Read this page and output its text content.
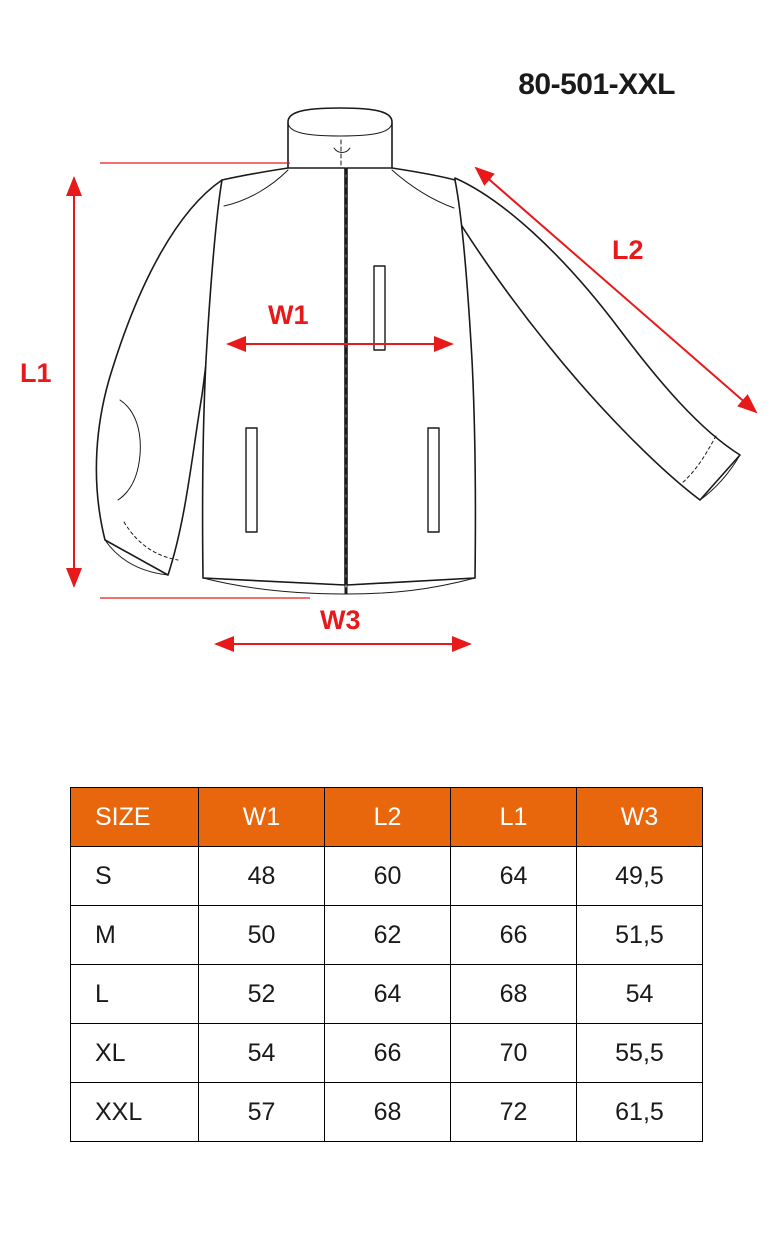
80-501-XXL
L1
L2
W1
W3
SIZE	W1	L2	L1	W3
S	48	60	64	49,5
M	50	62	66	51,5
L	52	64	68	54
XL	54	66	70	55,5
XXL	57	68	72	61,5
